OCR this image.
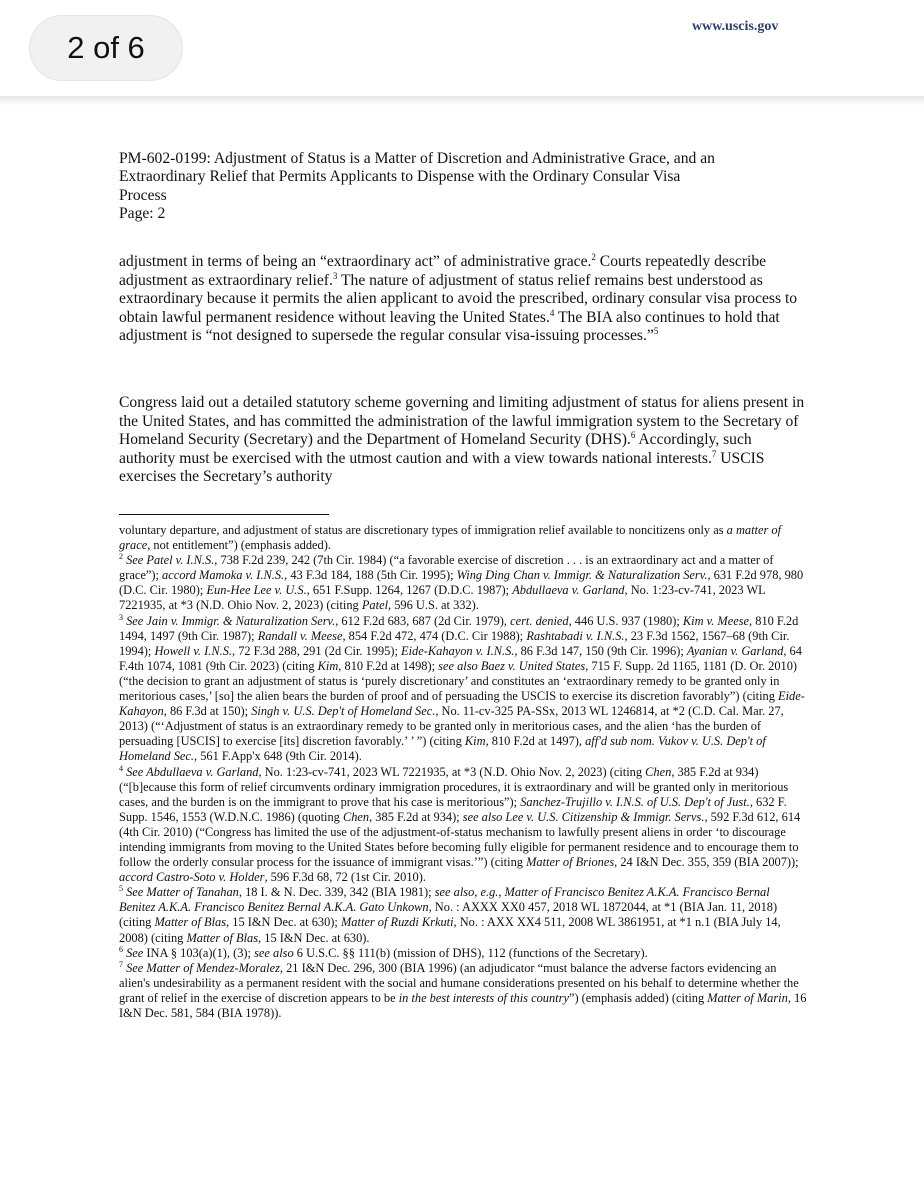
2 of 6
www.uscis.gov
PM-602-0199: Adjustment of Status is a Matter of Discretion and Administrative Grace, and an
Extraordinary Relief that Permits Applicants to Dispense with the Ordinary Consular Visa
Process
Page: 2

adjustment in terms of being an “extraordinary act” of administrative grace.$^2$ Courts repeatedly describe adjustment as extraordinary relief.$^3$ The nature of adjustment of status relief remains best understood as extraordinary because it permits the alien applicant to avoid the prescribed, ordinary consular visa process to obtain lawful permanent residence without leaving the United States.$^4$ The BIA also continues to hold that adjustment is “not designed to supersede the regular consular visa-issuing processes.”$^5$

Congress laid out a detailed statutory scheme governing and limiting adjustment of status for aliens present in the United States, and has committed the administration of the lawful immigration system to the Secretary of Homeland Security (Secretary) and the Department of Homeland Security (DHS).$^6$ Accordingly, such authority must be exercised with the utmost caution and with a view towards national interests.$^7$ USCIS exercises the Secretary’s authority

voluntary departure, and adjustment of status are discretionary types of immigration relief available to noncitizens only as a matter of grace, not entitlement”) (emphasis added).

$^2$ See Patel v. I.N.S., 738 F.2d 239, 242 (7th Cir. 1984) (“a favorable exercise of discretion . . . is an extraordinary act and a matter of grace”); accord Mamoka v. I.N.S., 43 F.3d 184, 188 (5th Cir. 1995); Wing Ding Chan v. Immigr. & Naturalization Serv., 631 F.2d 978, 980 (D.C. Cir. 1980); Eun-Hee Lee v. U.S., 651 F.Supp. 1264, 1267 (D.D.C. 1987); Abdullaeva v. Garland, No. 1:23-cv-741, 2023 WL 7221935, at *3 (N.D. Ohio Nov. 2, 2023) (citing Patel, 596 U.S. at 332).

$^3$ See Jain v. Immigr. & Naturalization Serv., 612 F.2d 683, 687 (2d Cir. 1979), cert. denied, 446 U.S. 937 (1980); Kim v. Meese, 810 F.2d 1494, 1497 (9th Cir. 1987); Randall v. Meese, 854 F.2d 472, 474 (D.C. Cir 1988); Rashtabadi v. I.N.S., 23 F.3d 1562, 1567–68 (9th Cir. 1994); Howell v. I.N.S., 72 F.3d 288, 291 (2d Cir. 1995); Eide-Kahayon v. I.N.S., 86 F.3d 147, 150 (9th Cir. 1996); Ayanian v. Garland, 64 F.4th 1074, 1081 (9th Cir. 2023) (citing Kim, 810 F.2d at 1498); see also Baez v. United States, 715 F. Supp. 2d 1165, 1181 (D. Or. 2010) (“the decision to grant an adjustment of status is ‘purely discretionary’ and constitutes an ‘extraordinary remedy to be granted only in meritorious cases,’ [so] the alien bears the burden of proof and of persuading the USCIS to exercise its discretion favorably”) (citing Eide-Kahayon, 86 F.3d at 150); Singh v. U.S. Dep't of Homeland Sec., No. 11-cv-325 PA-SSx, 2013 WL 1246814, at *2 (C.D. Cal. Mar. 27, 2013) (“‘Adjustment of status is an extraordinary remedy to be granted only in meritorious cases, and the alien ‘has the burden of persuading [USCIS] to exercise [its] discretion favorably.’ ’ ”) (citing Kim, 810 F.2d at 1497), aff'd sub nom. Vukov v. U.S. Dep't of Homeland Sec., 561 F.App'x 648 (9th Cir. 2014).

$^4$ See Abdullaeva v. Garland, No. 1:23-cv-741, 2023 WL 7221935, at *3 (N.D. Ohio Nov. 2, 2023) (citing Chen, 385 F.2d at 934) (“[b]ecause this form of relief circumvents ordinary immigration procedures, it is extraordinary and will be granted only in meritorious cases, and the burden is on the immigrant to prove that his case is meritorious”); Sanchez-Trujillo v. I.N.S. of U.S. Dep't of Just., 632 F. Supp. 1546, 1553 (W.D.N.C. 1986) (quoting Chen, 385 F.2d at 934); see also Lee v. U.S. Citizenship & Immigr. Servs., 592 F.3d 612, 614 (4th Cir. 2010) (“Congress has limited the use of the adjustment-of-status mechanism to lawfully present aliens in order ‘to discourage intending immigrants from moving to the United States before becoming fully eligible for permanent residence and to encourage them to follow the orderly consular process for the issuance of immigrant visas.’”) (citing Matter of Briones, 24 I&N Dec. 355, 359 (BIA 2007)); accord Castro-Soto v. Holder, 596 F.3d 68, 72 (1st Cir. 2010).

$^5$ See Matter of Tanahan, 18 I. & N. Dec. 339, 342 (BIA 1981); see also, e.g., Matter of Francisco Benitez A.K.A. Francisco Bernal Benitez A.K.A. Francisco Benitez Bernal A.K.A. Gato Unkown, No. : AXXX XX0 457, 2018 WL 1872044, at *1 (BIA Jan. 11, 2018) (citing Matter of Blas, 15 I&N Dec. at 630); Matter of Ruzdi Krkuti, No. : AXX XX4 511, 2008 WL 3861951, at *1 n.1 (BIA July 14, 2008) (citing Matter of Blas, 15 I&N Dec. at 630).

$^6$ See INA § 103(a)(1), (3); see also 6 U.S.C. §§ 111(b) (mission of DHS), 112 (functions of the Secretary).

$^7$ See Matter of Mendez-Moralez, 21 I&N Dec. 296, 300 (BIA 1996) (an adjudicator “must balance the adverse factors evidencing an alien's undesirability as a permanent resident with the social and humane considerations presented on his behalf to determine whether the grant of relief in the exercise of discretion appears to be in the best interests of this country”) (emphasis added) (citing Matter of Marin, 16 I&N Dec. 581, 584 (BIA 1978)).
